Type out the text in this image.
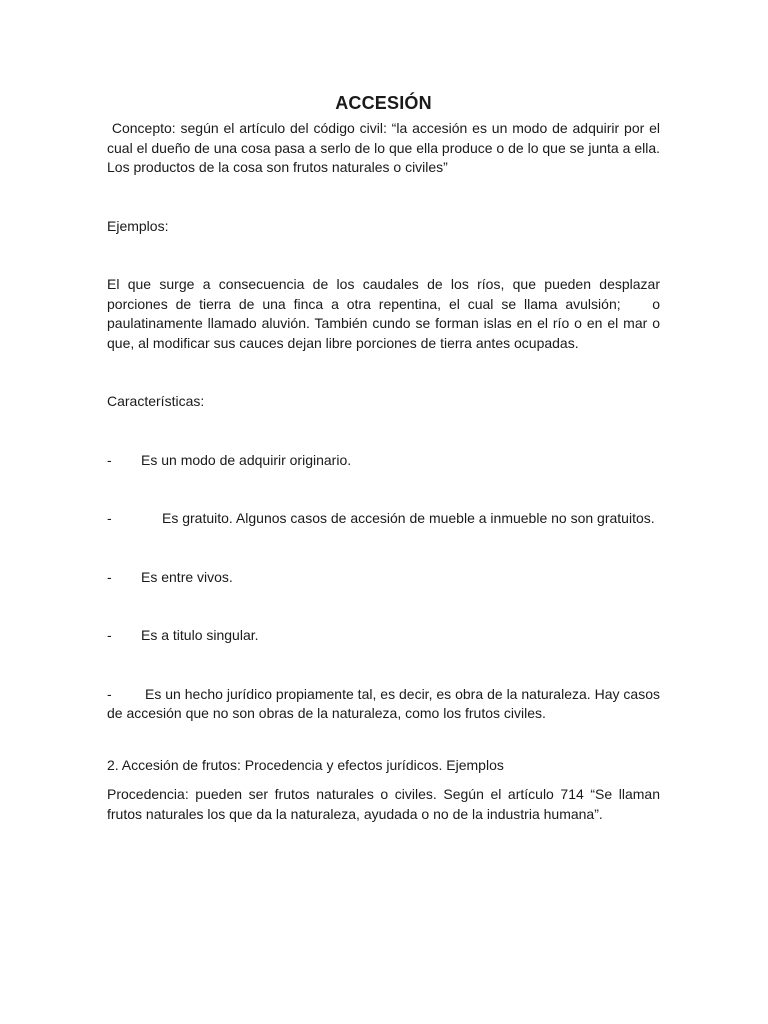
ACCESIÓN

Concepto: según el artículo del código civil: “la accesión es un modo de adquirir por el cual el dueño de una cosa pasa a serlo de lo que ella produce o de lo que se junta a ella. Los productos de la cosa son frutos naturales o civiles”

Ejemplos:

El que surge a consecuencia de los caudales de los ríos, que pueden desplazar porciones de tierra de una finca a otra repentina, el cual se llama avulsión;    o paulatinamente llamado aluvión. También cundo se forman islas en el río o en el mar o que, al modificar sus cauces dejan libre porciones de tierra antes ocupadas.

Características:

- Es un modo de adquirir originario.

-	Es gratuito. Algunos casos de accesión de mueble a inmueble no son gratuitos.

- Es entre vivos.

- Es a titulo singular.

- Es un hecho jurídico propiamente tal, es decir, es obra de la naturaleza. Hay casos de accesión que no son obras de la naturaleza, como los frutos civiles.

2. Accesión de frutos: Procedencia y efectos jurídicos. Ejemplos

Procedencia: pueden ser frutos naturales o civiles. Según el artículo 714 “Se llaman frutos naturales los que da la naturaleza, ayudada o no de la industria humana”.
